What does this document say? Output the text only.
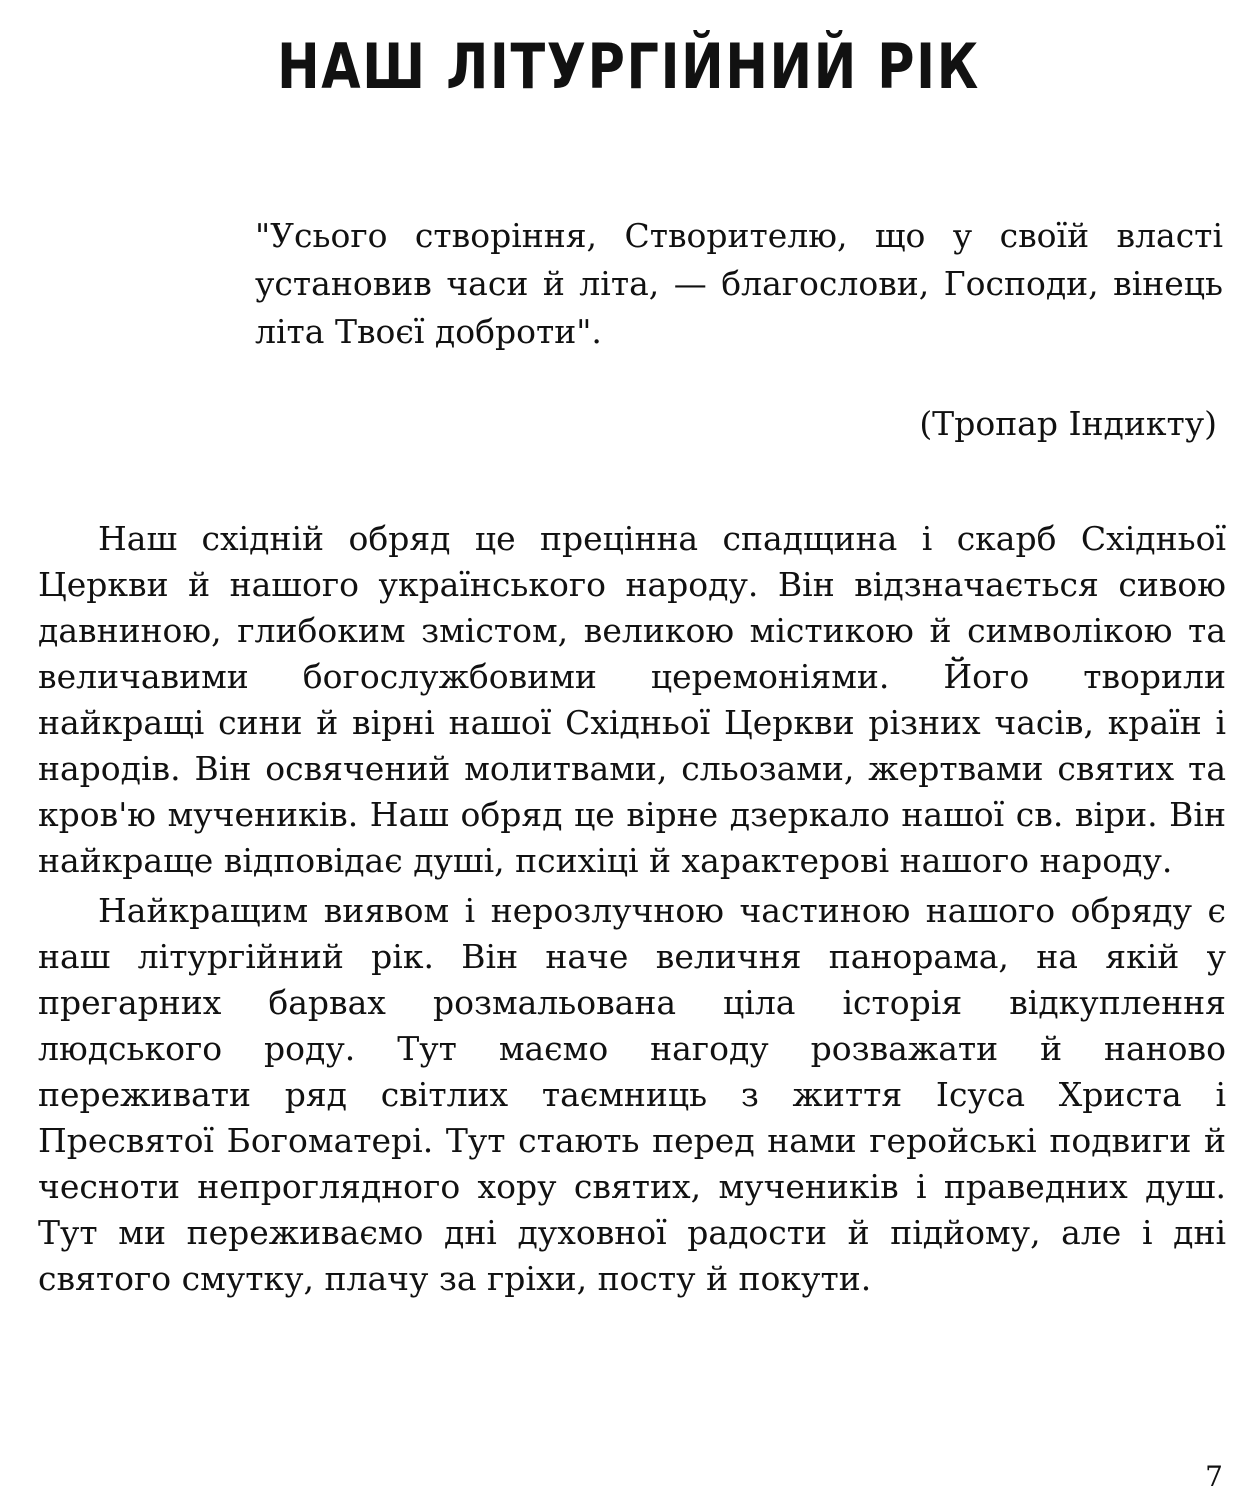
НАШ ЛІТУРГІЙНИЙ РІК

"Усього створіння, Створителю, що у своїй власті установив часи й літа, — благослови, Господи, вінець літа Твоєї доброти".

(Тропар Індикту)

Наш східній обряд це прецінна спадщина і скарб Східньої Церкви й нашого українського народу. Він відзначається сивою давниною, глибоким змістом, великою містикою й символікою та величавими богослужбовими церемоніями. Його творили найкращі сини й вірні нашої Східньої Церкви різних часів, країн і народів. Він освячений молитвами, сльозами, жертвами святих та кров'ю мучеників. Наш обряд це вірне дзеркало нашої св. віри. Він найкраще відповідає душі, психіці й характерові нашого народу.

Найкращим виявом і нерозлучною частиною нашого обряду є наш літургійний рік. Він наче величня панорама, на якій у прегарних барвах розмальована ціла історія відкуплення людського роду. Тут маємо нагоду розважати й наново переживати ряд світлих таємниць з життя Ісуса Христа і Пресвятої Богоматері. Тут стають перед нами геройські подвиги й чесноти непроглядного хору святих, мучеників і праведних душ. Тут ми переживаємо дні духовної радости й підйому, але і дні святого смутку, плачу за гріхи, посту й покути.

7
